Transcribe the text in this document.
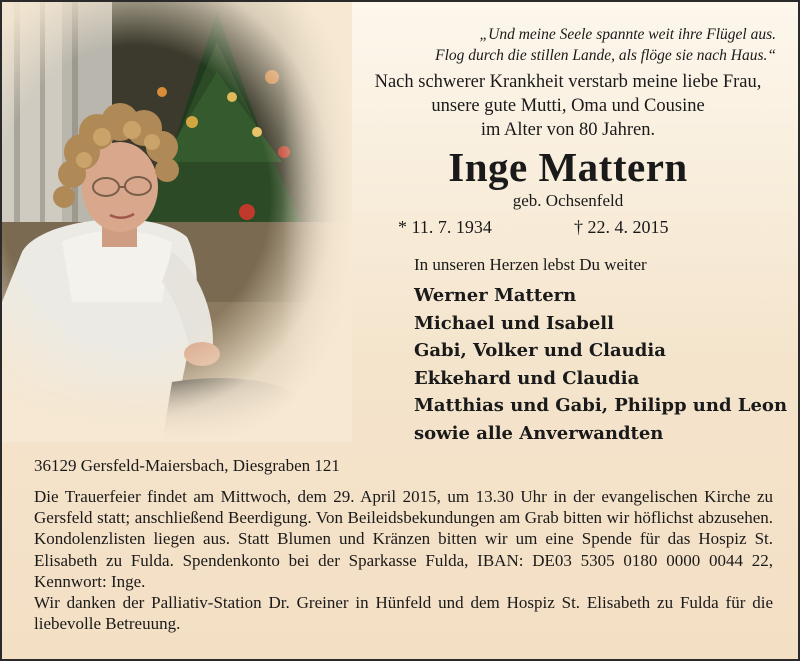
„Und meine Seele spannte weit ihre Flügel aus.
Flog durch die stillen Lande, als flöge sie nach Haus.“
Nach schwerer Krankheit verstarb meine liebe Frau,
unsere gute Mutti, Oma und Cousine
im Alter von 80 Jahren.
Inge Mattern
geb. Ochsenfeld
* 11. 7. 1934	† 22. 4. 2015
In unseren Herzen lebst Du weiter
Werner Mattern
Michael und Isabell
Gabi, Volker und Claudia
Ekkehard und Claudia
Matthias und Gabi, Philipp und Leon
sowie alle Anverwandten
36129 Gersfeld-Maiersbach, Diesgraben 121

Die Trauerfeier findet am Mittwoch, dem 29. April 2015, um 13.30 Uhr in der evangelischen Kirche zu Gersfeld statt; anschließend Beerdigung. Von Beileidsbekundungen am Grab bitten wir höflichst abzusehen. Kondolenzlisten liegen aus. Statt Blumen und Kränzen bitten wir um eine Spende für das Hospiz St. Elisabeth zu Fulda. Spendenkonto bei der Sparkasse Fulda, IBAN: DE03 5305 0180 0000 0044 22, Kennwort: Inge.

Wir danken der Palliativ-Station Dr. Greiner in Hünfeld und dem Hospiz St. Elisabeth zu Fulda für die liebevolle Betreuung.
